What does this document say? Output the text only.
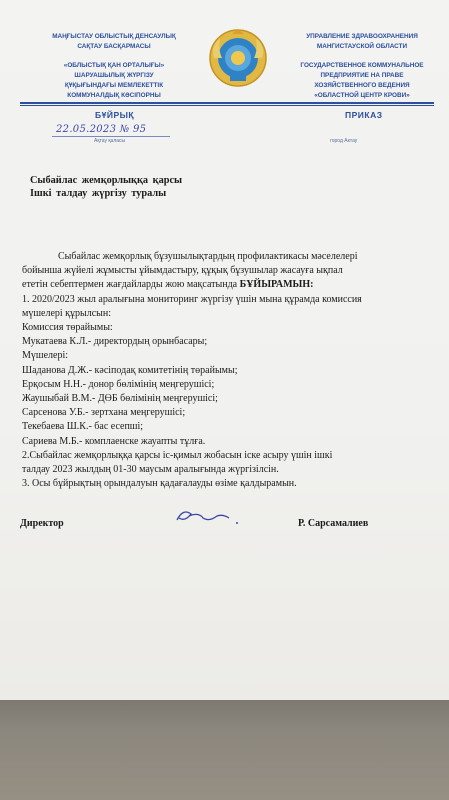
МАҢҒЫСТАУ ОБЛЫСТЫҚ ДЕНСАУЛЫҚ
САҚТАУ БАСҚАРМАСЫ
«ОБЛЫСТЫҚ ҚАН ОРТАЛЫҒЫ»
ШАРУАШЫЛЫҚ ЖҮРГІЗУ
ҚҰҚЫҒЫНДАҒЫ МЕМЛЕКЕТТІК
КОММУНАЛДЫҚ КӘСІПОРНЫ
УПРАВЛЕНИЕ ЗДРАВООХРАНЕНИЯ
МАНГИСТАУСКОЙ ОБЛАСТИ
ГОСУДАРСТВЕННОЕ КОММУНАЛЬНОЕ
ПРЕДПРИЯТИЕ НА ПРАВЕ
ХОЗЯЙСТВЕННОГО ВЕДЕНИЯ
«ОБЛАСТНОЙ ЦЕНТР КРОВИ»
БҰЙРЫҚ	ПРИКАЗ
22.05.2023 № 95
Ақтау қаласы	город Актау
Сыбайлас жемқорлыққа қарсы
Ішкі талдау жүргізу туралы
Сыбайлас жемқорлық бұзушылықтардың профилактикасы мәселелері
бойынша жүйелі жұмысты ұйымдастыру, құқық бұзушылар жасауға ықпал
ететін себептермен жағдайларды жою мақсатында БҰЙЫРАМЫН:
1. 2020/2023 жыл аралығына мониторинг жүргізу үшін мына құрамда комиссия
мүшелері құрылсын:
Комиссия төрайымы:
Мукатаева К.Л.- директордың орынбасары;
Мүшелері:
Шаданова Д.Ж.- кәсіподақ комитетінің төрайымы;
Ерқосым Н.Н.- донор бөлімінің меңгерушісі;
Жаушыбай В.М.- ДӨБ бөлімінің меңгерушісі;
Сарсенова У.Б.- зертхана меңгерушісі;
Текебаева Ш.К.- бас есепші;
Сариева М.Б.- комплаенске жауапты тұлға.
2.Сыбайлас жемқорлыққа қарсы іс-қимыл жобасын іске асыру үшін ішкі
талдау 2023 жылдың 01-30 маусым аралығында жүргізілсін.
3. Осы бұйрықтың орындалуын қадағалауды өзіме қалдырамын.
Директор	Р. Сарсамалиев
